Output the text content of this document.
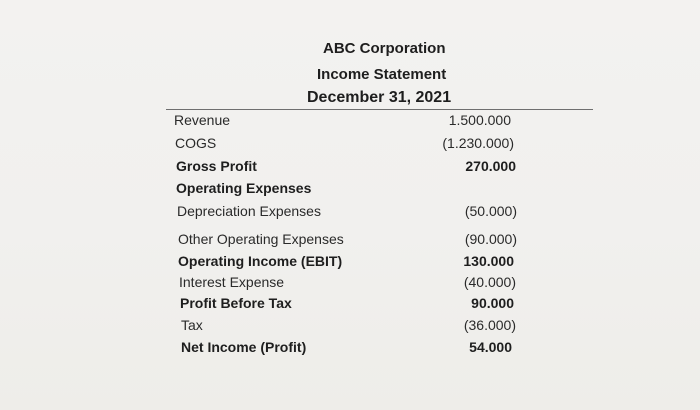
ABC Corporation
Income Statement
December 31, 2021
Revenue	1.500.000
COGS	(1.230.000)
Gross Profit	270.000
Operating Expenses
Depreciation Expenses	(50.000)
Other Operating Expenses	(90.000)
Operating Income (EBIT)	130.000
Interest Expense	(40.000)
Profit Before Tax	90.000
Tax	(36.000)
Net Income (Profit)	54.000
